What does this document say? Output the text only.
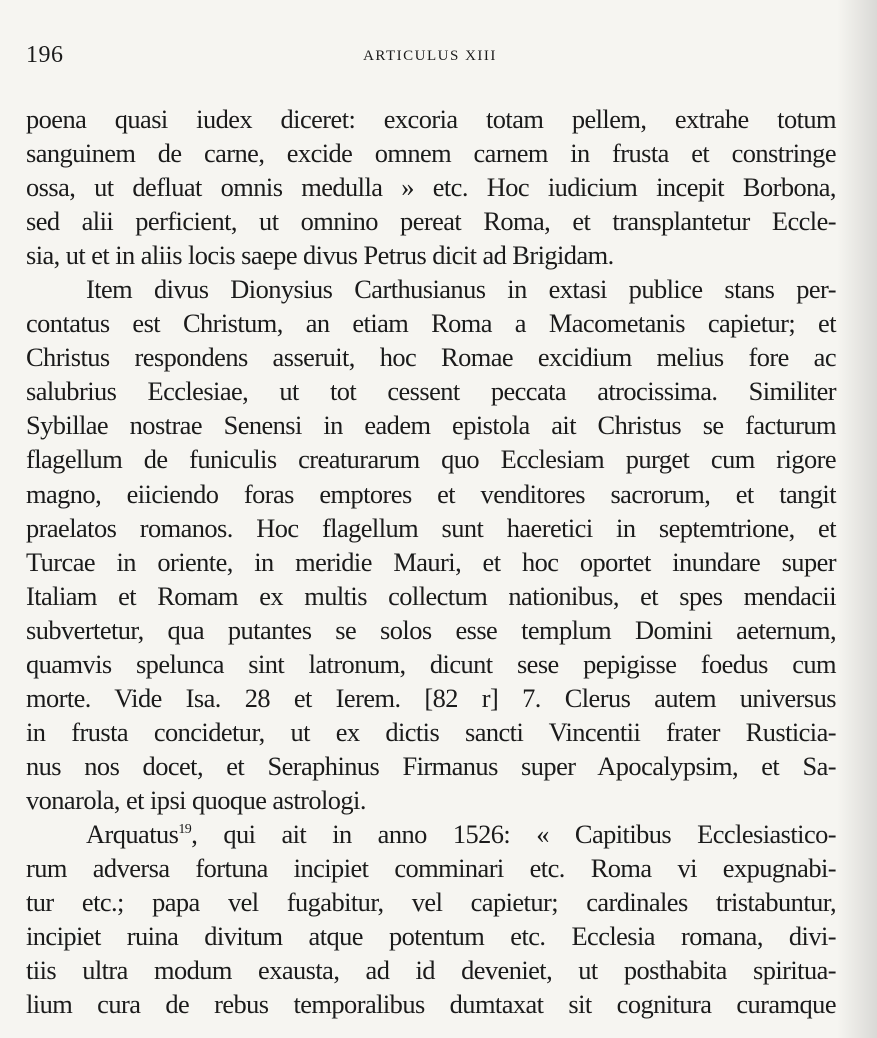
196	ARTICULUS XIII
poena quasi iudex diceret: excoria totam pellem, extrahe totum
sanguinem de carne, excide omnem carnem in frusta et constringe
ossa, ut defluat omnis medulla » etc. Hoc iudicium incepit Borbona,
sed alii perficient, ut omnino pereat Roma, et transplantetur Eccle-
sia, ut et in aliis locis saepe divus Petrus dicit ad Brigidam.
Item divus Dionysius Carthusianus in extasi publice stans per-
contatus est Christum, an etiam Roma a Macometanis capietur; et
Christus respondens asseruit, hoc Romae excidium melius fore ac
salubrius Ecclesiae, ut tot cessent peccata atrocissima. Similiter
Sybillae nostrae Senensi in eadem epistola ait Christus se facturum
flagellum de funiculis creaturarum quo Ecclesiam purget cum rigore
magno, eiiciendo foras emptores et venditores sacrorum, et tangit
praelatos romanos. Hoc flagellum sunt haeretici in septemtrione, et
Turcae in oriente, in meridie Mauri, et hoc oportet inundare super
Italiam et Romam ex multis collectum nationibus, et spes mendacii
subvertetur, qua putantes se solos esse templum Domini aeternum,
quamvis spelunca sint latronum, dicunt sese pepigisse foedus cum
morte. Vide Isa. 28 et Ierem. [82 r] 7. Clerus autem universus
in frusta concidetur, ut ex dictis sancti Vincentii frater Rusticia-
nus nos docet, et Seraphinus Firmanus super Apocalypsim, et Sa-
vonarola, et ipsi quoque astrologi.
Arquatus$^{19}$, qui ait in anno 1526: « Capitibus Ecclesiastico-
rum adversa fortuna incipiet comminari etc. Roma vi expugnabi-
tur etc.; papa vel fugabitur, vel capietur; cardinales tristabuntur,
incipiet ruina divitum atque potentum etc. Ecclesia romana, divi-
tiis ultra modum exausta, ad id deveniet, ut posthabita spiritua-
lium cura de rebus temporalibus dumtaxat sit cognitura curamque
